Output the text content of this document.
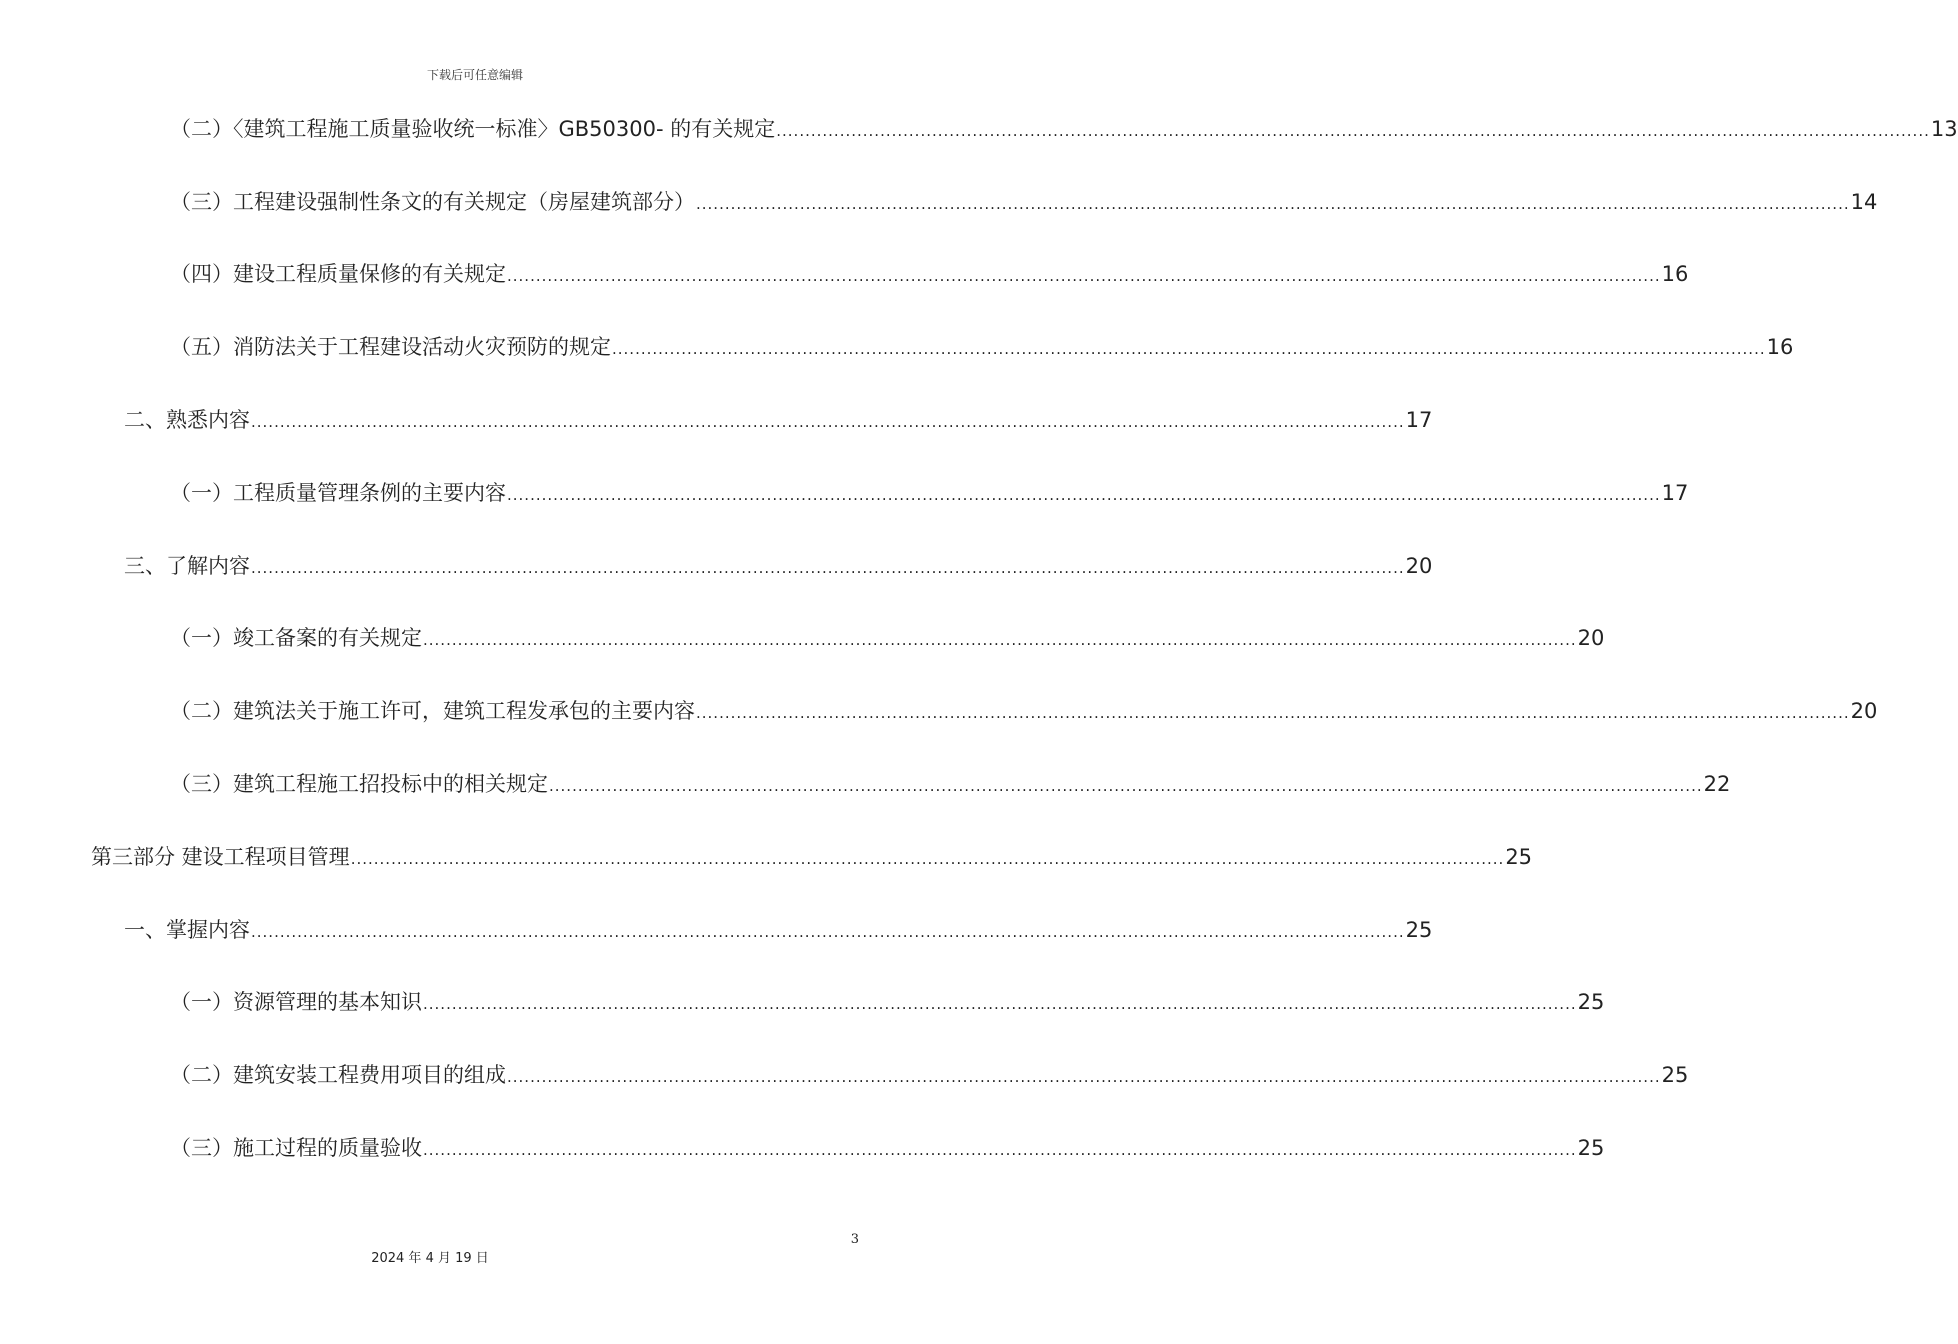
下载后可任意编辑
（二）〈建筑工程施工质量验收统一标准〉GB50300- 的有关规定 ........................................................................................................................................................................................................ 13
（三）工程建设强制性条文的有关规定（房屋建筑部分） ........................................................................................................................................................................................................ 14
（四）建设工程质量保修的有关规定 ........................................................................................................................................................................................................ 16
（五）消防法关于工程建设活动火灾预防的规定 ........................................................................................................................................................................................................ 16
二、熟悉内容 ........................................................................................................................................................................................................ 17
（一）工程质量管理条例的主要内容 ........................................................................................................................................................................................................ 17
三、了解内容 ........................................................................................................................................................................................................ 20
（一）竣工备案的有关规定 ........................................................................................................................................................................................................ 20
（二）建筑法关于施工许可，建筑工程发承包的主要内容 ........................................................................................................................................................................................................ 20
（三）建筑工程施工招投标中的相关规定 ........................................................................................................................................................................................................ 22
第三部分 建设工程项目管理 ........................................................................................................................................................................................................ 25
一、掌握内容 ........................................................................................................................................................................................................ 25
（一）资源管理的基本知识 ........................................................................................................................................................................................................ 25
（二）建筑安装工程费用项目的组成 ........................................................................................................................................................................................................ 25
（三）施工过程的质量验收 ........................................................................................................................................................................................................ 25
3
2024 年 4 月 19 日
